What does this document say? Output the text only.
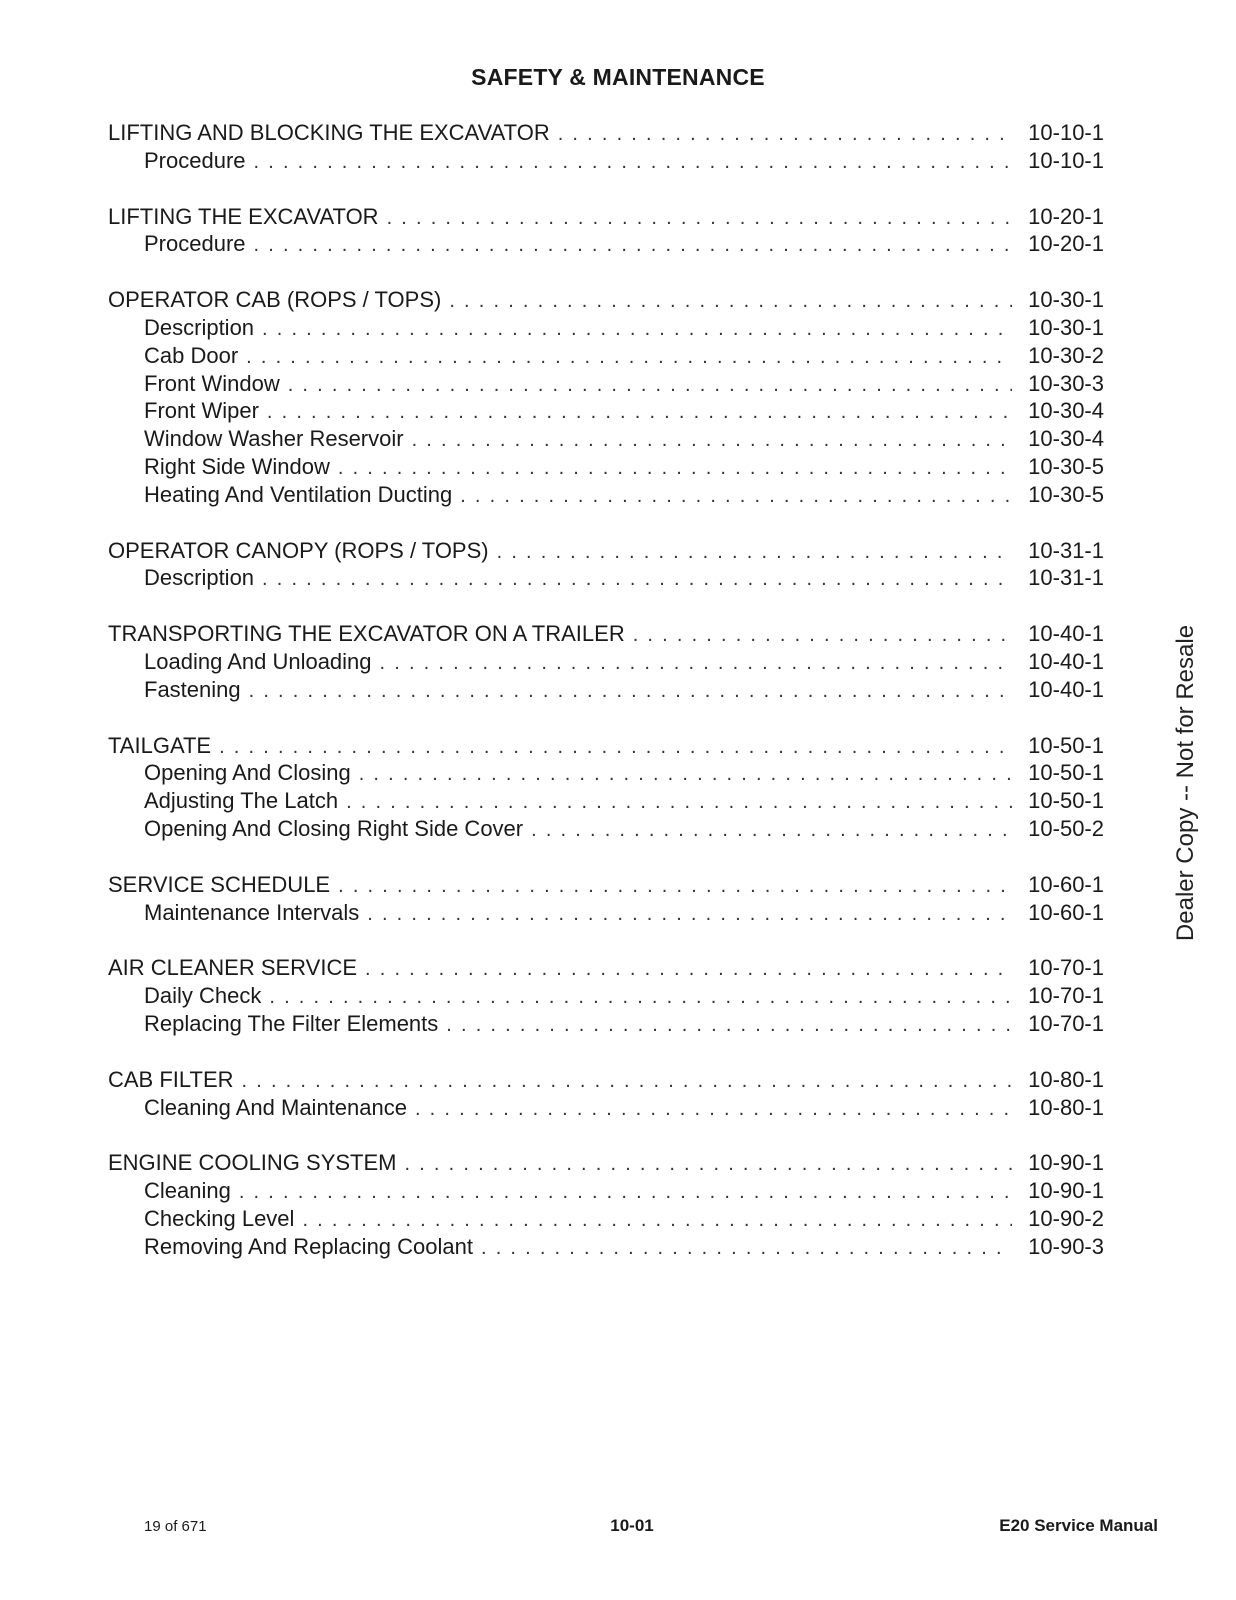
SAFETY & MAINTENANCE
LIFTING AND BLOCKING THE EXCAVATOR . . .	10-10-1
Procedure . . .	10-10-1
LIFTING THE EXCAVATOR . . .	10-20-1
Procedure . . .	10-20-1
OPERATOR CAB (ROPS / TOPS) . . .	10-30-1
Description . . .	10-30-1
Cab Door . . .	10-30-2
Front Window . . .	10-30-3
Front Wiper . . .	10-30-4
Window Washer Reservoir . . .	10-30-4
Right Side Window . . .	10-30-5
Heating And Ventilation Ducting . . .	10-30-5
OPERATOR CANOPY (ROPS / TOPS) . . .	10-31-1
Description . . .	10-31-1
TRANSPORTING THE EXCAVATOR ON A TRAILER . . .	10-40-1
Loading And Unloading . . .	10-40-1
Fastening . . .	10-40-1
TAILGATE . . .	10-50-1
Opening And Closing . . .	10-50-1
Adjusting The Latch . . .	10-50-1
Opening And Closing Right Side Cover . . .	10-50-2
SERVICE SCHEDULE . . .	10-60-1
Maintenance Intervals . . .	10-60-1
AIR CLEANER SERVICE . . .	10-70-1
Daily Check . . .	10-70-1
Replacing The Filter Elements . . .	10-70-1
CAB FILTER . . .	10-80-1
Cleaning And Maintenance . . .	10-80-1
ENGINE COOLING SYSTEM . . .	10-90-1
Cleaning . . .	10-90-1
Checking Level . . .	10-90-2
Removing And Replacing Coolant . . .	10-90-3
Dealer Copy -- Not for Resale
19 of 671	10-01	E20 Service Manual
